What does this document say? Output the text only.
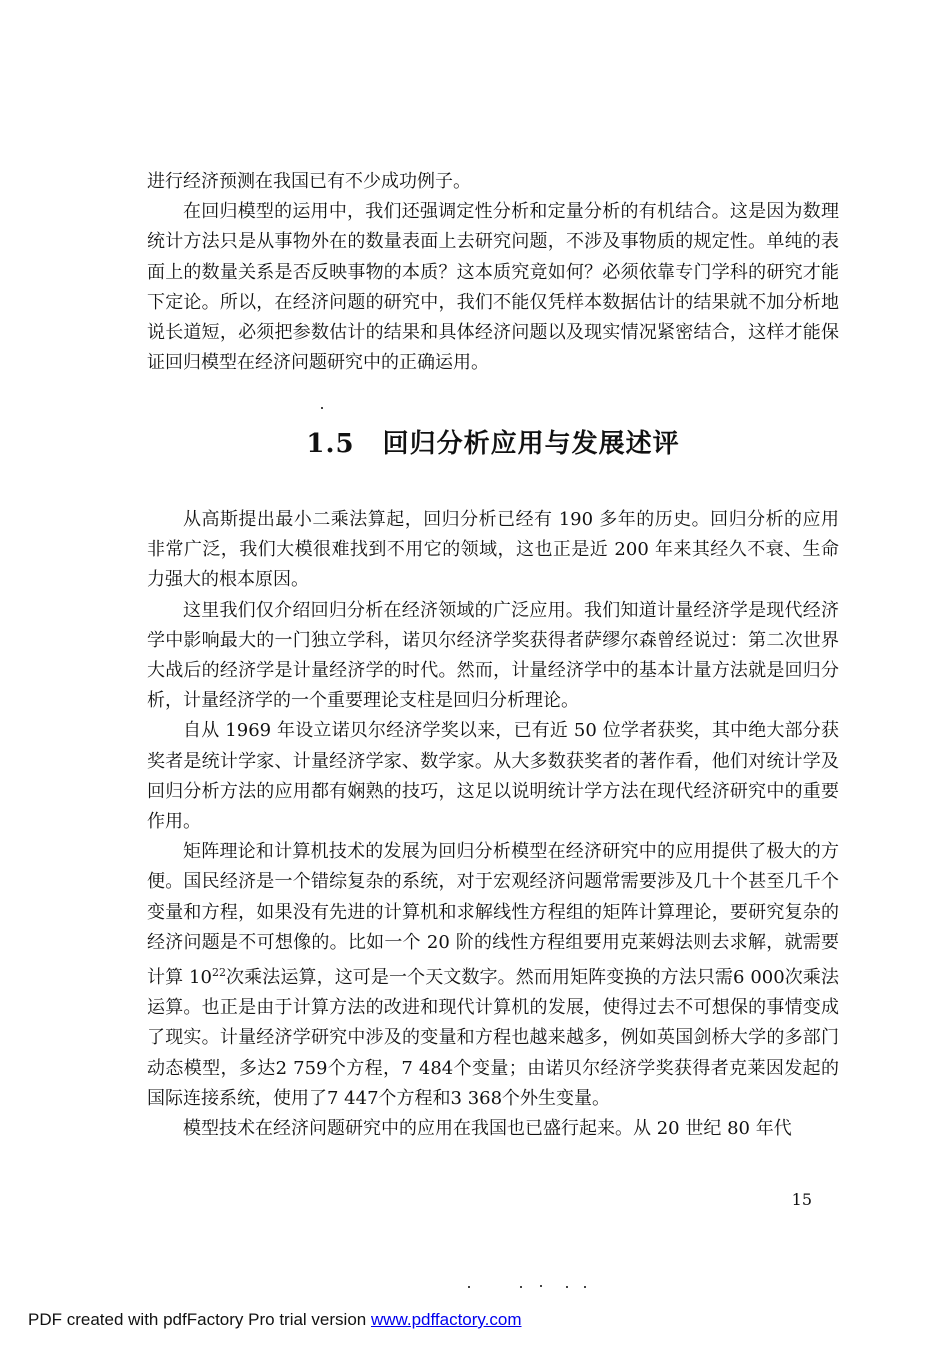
进行经济预测在我国已有不少成功例子。

在回归模型的运用中，我们还强调定性分析和定量分析的有机结合。这是因为数理统计方法只是从事物外在的数量表面上去研究问题，不涉及事物质的规定性。单纯的表面上的数量关系是否反映事物的本质？这本质究竟如何？必须依靠专门学科的研究才能下定论。所以，在经济问题的研究中，我们不能仅凭样本数据估计的结果就不加分析地说长道短，必须把参数估计的结果和具体经济问题以及现实情况紧密结合，这样才能保证回归模型在经济问题研究中的正确运用。

1.5 回归分析应用与发展述评

从高斯提出最小二乘法算起，回归分析已经有 190 多年的历史。回归分析的应用非常广泛，我们大模很难找到不用它的领域，这也正是近 200 年来其经久不衰、生命力强大的根本原因。

这里我们仅介绍回归分析在经济领域的广泛应用。我们知道计量经济学是现代经济学中影响最大的一门独立学科，诺贝尔经济学奖获得者萨缪尔森曾经说过：第二次世界大战后的经济学是计量经济学的时代。然而，计量经济学中的基本计量方法就是回归分析，计量经济学的一个重要理论支柱是回归分析理论。

自从 1969 年设立诺贝尔经济学奖以来，已有近 50 位学者获奖，其中绝大部分获奖者是统计学家、计量经济学家、数学家。从大多数获奖者的著作看，他们对统计学及回归分析方法的应用都有娴熟的技巧，这足以说明统计学方法在现代经济研究中的重要作用。

矩阵理论和计算机技术的发展为回归分析模型在经济研究中的应用提供了极大的方便。国民经济是一个错综复杂的系统，对于宏观经济问题常需要涉及几十个甚至几千个变量和方程，如果没有先进的计算机和求解线性方程组的矩阵计算理论，要研究复杂的经济问题是不可想像的。比如一个 20 阶的线性方程组要用克莱姆法则去求解，就需要计算 $10^{22}$次乘法运算，这可是一个天文数字。然而用矩阵变换的方法只需6 000次乘法运算。也正是由于计算方法的改进和现代计算机的发展，使得过去不可想保的事情变成了现实。计量经济学研究中涉及的变量和方程也越来越多，例如英国剑桥大学的多部门动态模型，多达2 759个方程，7 484个变量；由诺贝尔经济学奖获得者克莱因发起的国际连接系统，使用了7 447个方程和3 368个外生变量。

模型技术在经济问题研究中的应用在我国也已盛行起来。从 20 世纪 80 年代

15
PDF created with pdfFactory Pro trial version www.pdffactory.com
